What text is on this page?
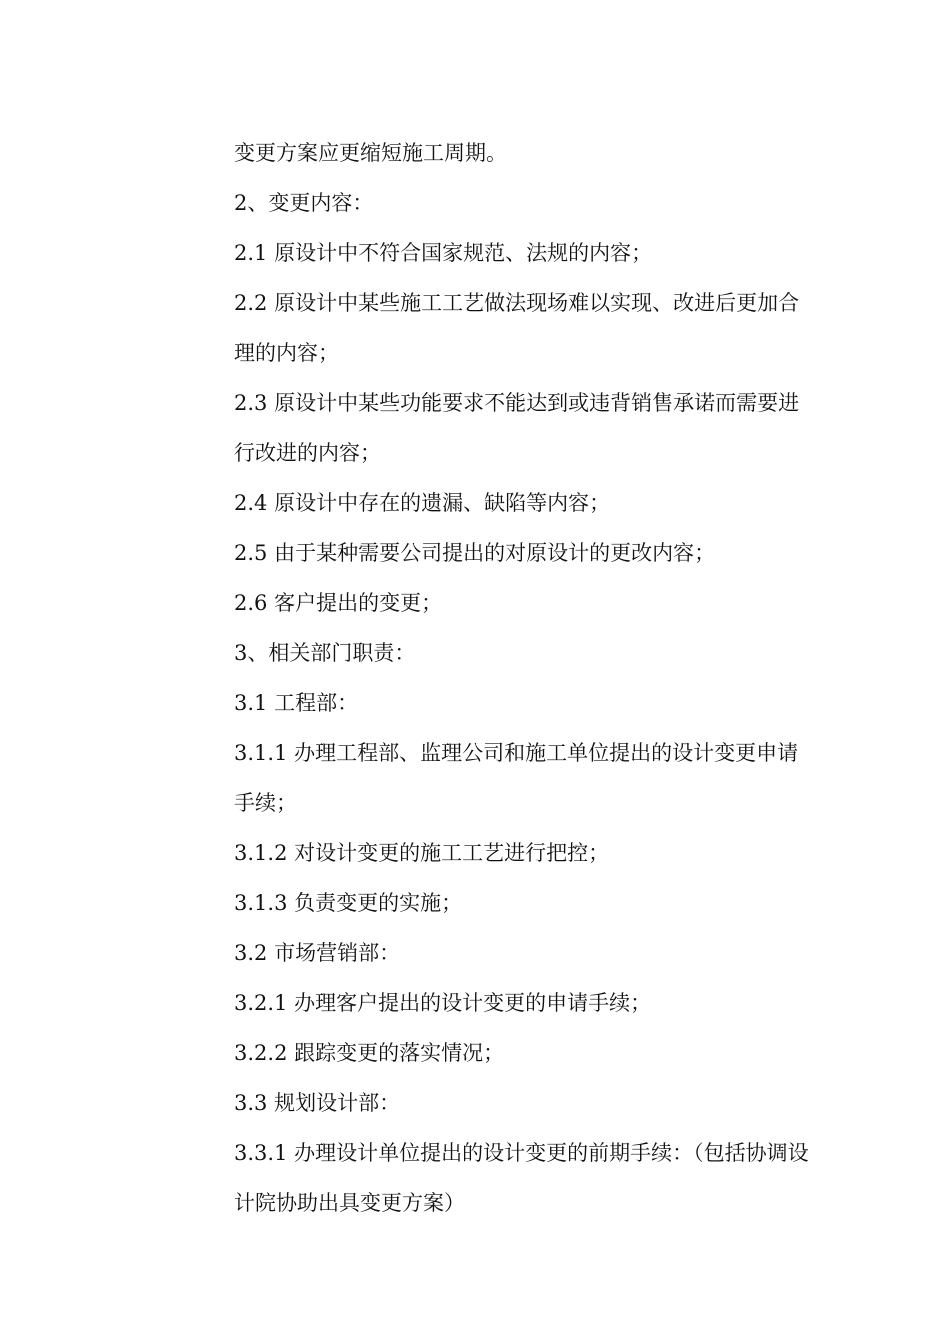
变更方案应更缩短施工周期。

2、变更内容：

2.1 原设计中不符合国家规范、法规的内容；

2.2 原设计中某些施工工艺做法现场难以实现、改进后更加合理的内容；

2.3 原设计中某些功能要求不能达到或违背销售承诺而需要进行改进的内容；

2.4 原设计中存在的遗漏、缺陷等内容；

2.5 由于某种需要公司提出的对原设计的更改内容；

2.6 客户提出的变更；

3、相关部门职责：

3.1 工程部：

3.1.1 办理工程部、监理公司和施工单位提出的设计变更申请手续；

3.1.2 对设计变更的施工工艺进行把控；

3.1.3 负责变更的实施；

3.2 市场营销部：

3.2.1 办理客户提出的设计变更的申请手续；

3.2.2 跟踪变更的落实情况；

3.3 规划设计部：

3.3.1 办理设计单位提出的设计变更的前期手续：（包括协调设计院协助出具变更方案）
